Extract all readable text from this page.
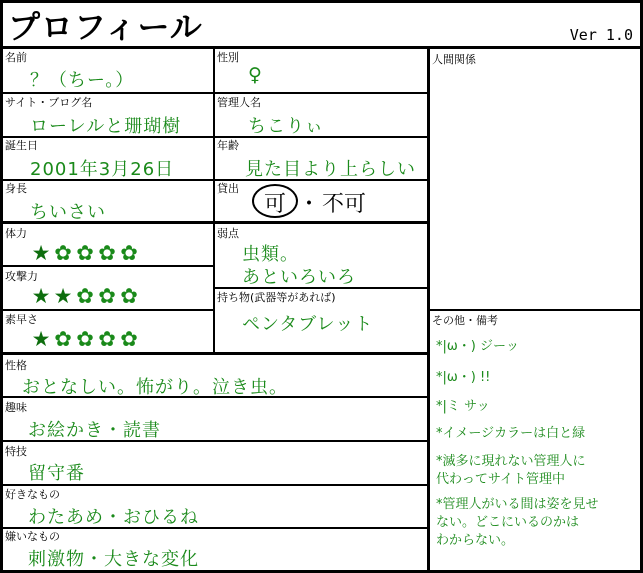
プロフィール	Ver 1.0
名前
？（ちー。）
性別
♀
サイト・ブログ名
ローレルと珊瑚樹
管理人名
ちこりぃ
誕生日
2001年3月26日
年齢
見た目より上らしい
身長
ちいさい
貸出
可 ・ 不可
体力
★ ✿ ✿ ✿ ✿
攻撃力
★ ★ ✿ ✿ ✿
素早さ
★ ✿ ✿ ✿ ✿
弱点
虫類。
あといろいろ
持ち物(武器等があれば)
ペンタブレット
性格
おとなしい。怖がり。泣き虫。
趣味
お絵かき・読書
特技
留守番
好きなもの
わたあめ・おひるね
嫌いなもの
刺激物・大きな変化
人間関係
その他・備考
*|ω・) ジーッ
*|ω・) !!
*|ミ サッ
*イメージカラーは白と緑
*滅多に現れない管理人に
代わってサイト管理中
*管理人がいる間は姿を見せ
ない。どこにいるのかは
わからない。
